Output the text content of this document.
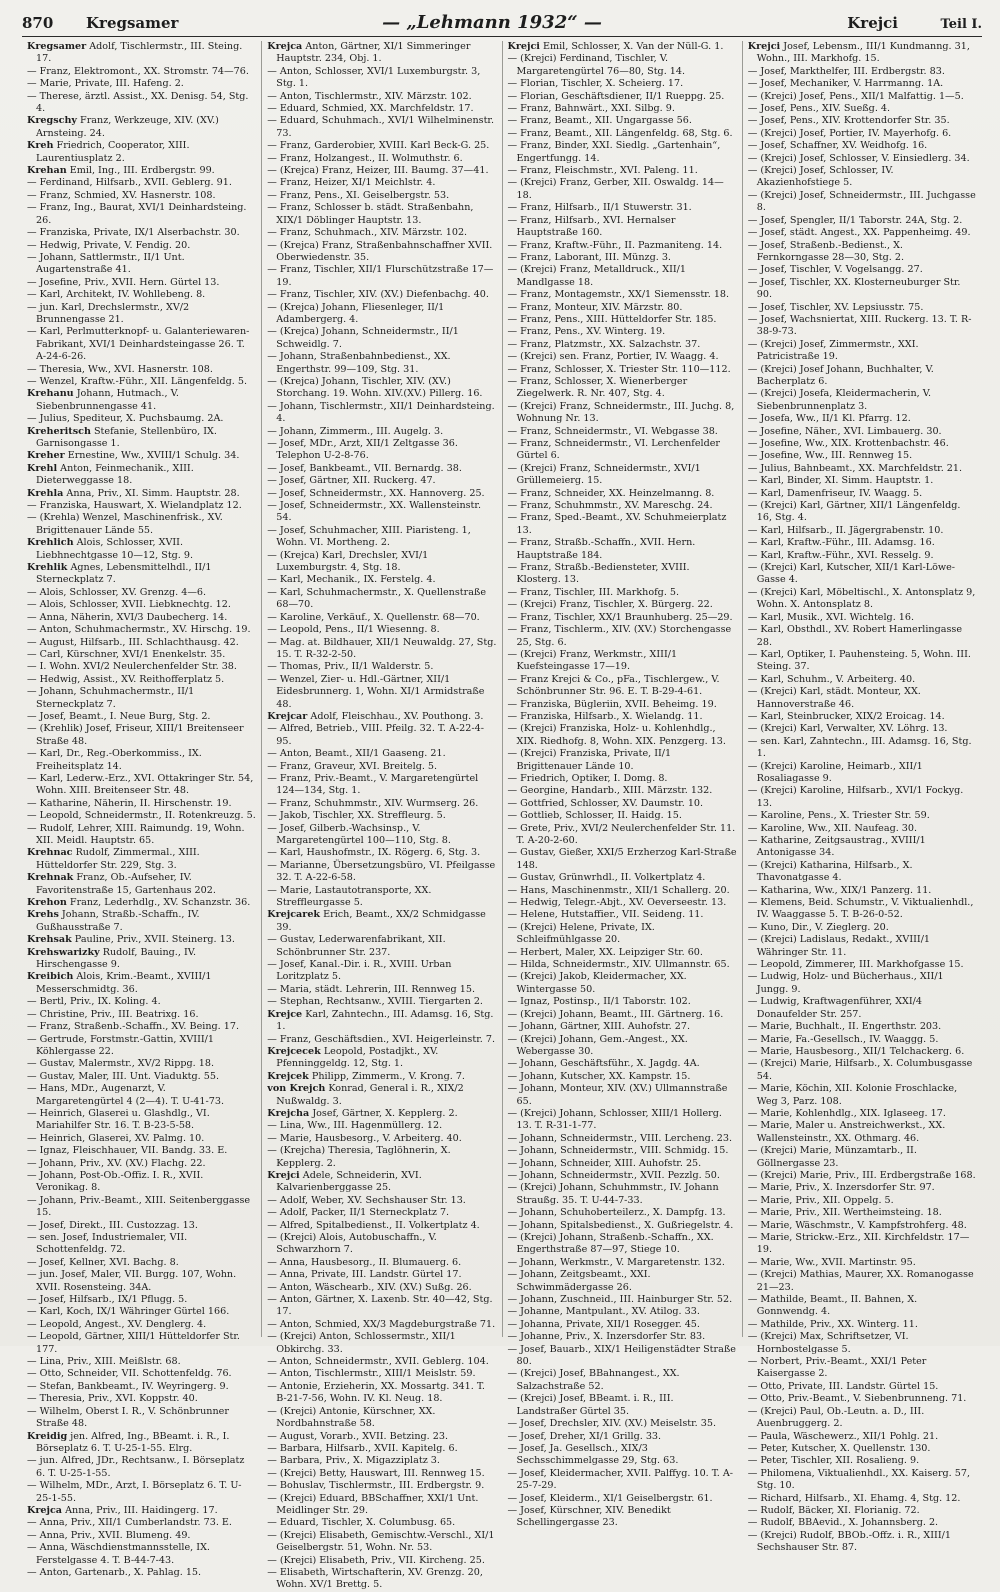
870	Kregsamer	— „Lehmann 1932“ —	Krejci	Teil I.
Kregsamer Adolf, Tischlermstr., III. Steing. 17.
— Franz, Elektromont., XX. Stromstr. 74—76.
— Marie, Private, III. Hafeng. 2.
— Therese, ärztl. Assist., XX. Denisg. 54, Stg. 4.
Kregschy Franz, Werkzeuge, XIV. (XV.) Arnsteing. 24.
Kreh Friedrich, Cooperator, XIII. Laurentiusplatz 2.
Krehan Emil, Ing., III. Erdbergstr. 99.
— Ferdinand, Hilfsarb., XVII. Geblerg. 91.
— Franz, Schmied, XV. Hasnerstr. 108.
— Franz, Ing., Baurat, XVI/1 Deinhardsteing. 26.
— Franziska, Private, IX/1 Alserbachstr. 30.
— Hedwig, Private, V. Fendig. 20.
— Johann, Sattlermstr., II/1 Unt. Augartenstraße 41.
— Josefine, Priv., XVII. Hern. Gürtel 13.
— Karl, Architekt, IV. Wohllebeng. 8.
— jun. Karl, Drechslermstr., XV/2 Brunnengasse 21.
— Karl, Perlmutterknopf- u. Galanteriewaren-Fabrikant, XVI/1 Deinhardsteingasse 26. T. A-24-6-26.
— Theresia, Ww., XVI. Hasnerstr. 108.
— Wenzel, Kraftw.-Führ., XII. Längenfeldg. 5.
Krehanu Johann, Hutmach., V. Siebenbrunnengasse 41.
— Julius, Spediteur, X. Puchsbaumg. 2A.
Kreheritsch Stefanie, Stellenbüro, IX. Garnisongasse 1.
Kreher Ernestine, Ww., XVIII/1 Schulg. 34.
Krehl Anton, Feinmechanik., XIII. Dieterweggasse 18.
Krehla Anna, Priv., XI. Simm. Hauptstr. 28.
— Franziska, Hauswart, X. Wielandplatz 12.
— (Krehla) Wenzel, Maschinenfrisk., XV. Brigittenauer Lände 55.
Krehlich Alois, Schlosser, XVII. Liebhnechtgasse 10—12, Stg. 9.
Krehlik Agnes, Lebensmittelhdl., II/1 Sterneckplatz 7.
— Alois, Schlosser, XV. Grenzg. 4—6.
— Alois, Schlosser, XVII. Liebknechtg. 12.
— Anna, Näherin, XVI/3 Daubecherg. 14.
— Anton, Schuhmachermstr., XV. Hirschg. 19.
— August, Hilfsarb., III. Schlachthausg. 42.
— Carl, Kürschner, XVI/1 Enenkelstr. 35.
— I. Wohn. XVI/2 Neulerchenfelder Str. 38.
— Hedwig, Assist., XV. Reithofferplatz 5.
— Johann, Schuhmachermstr., II/1 Sterneckplatz 7.
— Josef, Beamt., I. Neue Burg, Stg. 2.
— (Krehlik) Josef, Friseur, XIII/1 Breitenseer Straße 48.
— Karl, Dr., Reg.-Oberkommiss., IX. Freiheitsplatz 14.
— Karl, Lederw.-Erz., XVI. Ottakringer Str. 54, Wohn. XIII. Breitenseer Str. 48.
— Katharine, Näherin, II. Hirschenstr. 19.
— Leopold, Schneidermstr., II. Rotenkreuzg. 5.
— Rudolf, Lehrer, XIII. Raimundg. 19, Wohn. XII. Meidl. Hauptstr. 65.
Krehnac Rudolf, Zimmermal., XIII. Hütteldorfer Str. 229, Stg. 3.
Krehnak Franz, Ob.-Aufseher, IV. Favoritenstraße 15, Gartenhaus 202.
Krehon Franz, Lederhdlg., XV. Schanzstr. 36.
Krehs Johann, Straßb.-Schaffn., IV. Gußhausstraße 7.
Krehsak Pauline, Priv., XVII. Steinerg. 13.
Krehswarizky Rudolf, Bauing., IV. Hirschengasse 9.
Kreibich Alois, Krim.-Beamt., XVIII/1 Messerschmidtg. 36.
— Bertl, Priv., IX. Koling. 4.
— Christine, Priv., III. Beatrixg. 16.
— Franz, Straßenb.-Schaffn., XV. Being. 17.
— Gertrude, Forstmstr.-Gattin, XVIII/1 Köhlergasse 22.
— Gustav, Malermstr., XV/2 Rippg. 18.
— Gustav, Maler, III. Unt. Viaduktg. 55.
— Hans, MDr., Augenarzt, V. Margaretengürtel 4 (2—4). T. U-41-73.
— Heinrich, Glaserei u. Glashdlg., VI. Mariahilfer Str. 16. T. B-23-5-58.
— Heinrich, Glaserei, XV. Palmg. 10.
— Ignaz, Fleischhauer, VII. Bandg. 33. E.
— Johann, Priv., XV. (XV.) Flachg. 22.
— Johann, Post-Ob.-Offiz. I. R., XVII. Veronikag. 8.
— Johann, Priv.-Beamt., XIII. Seitenberggasse 15.
— Josef, Direkt., III. Custozzag. 13.
— sen. Josef, Industriemaler, VII. Schottenfeldg. 72.
— Josef, Kellner, XVI. Bachg. 8.
— jun. Josef, Maler, VII. Burgg. 107, Wohn. XVII. Rosensteing. 34A.
— Josef, Hilfsarb., IX/1 Pflugg. 5.
— Karl, Koch, IX/1 Währinger Gürtel 166.
— Leopold, Angest., XV. Denglerg. 4.
— Leopold, Gärtner, XIII/1 Hütteldorfer Str. 177.
— Lina, Priv., XIII. Meißlstr. 68.
— Otto, Schneider, VII. Schottenfeldg. 76.
— Stefan, Bankbeamt., IV. Weyringerg. 9.
— Theresia, Priv., XVI. Koppstr. 40.
— Wilhelm, Oberst I. R., V. Schönbrunner Straße 48.
Kreidig jen. Alfred, Ing., BBeamt. i. R., I. Börseplatz 6. T. U-25-1-55. Elrg.
— jun. Alfred, JDr., Rechtsanw., I. Börseplatz 6. T. U-25-1-55.
— Wilhelm, MDr., Arzt, I. Börseplatz 6. T. U-25-1-55.
Krejca Anna, Priv., III. Haidingerg. 17.
— Anna, Priv., XII/1 Cumberlandstr. 73. E.
— Anna, Priv., XVII. Blumeng. 49.
— Anna, Wäschdienstmannsstelle, IX. Ferstelgasse 4. T. B-44-7-43.
— Anton, Gartenarb., X. Pahlag. 15.
Krejca Anton, Gärtner, XI/1 Simmeringer Hauptstr. 234, Obj. 1.
— Anton, Schlosser, XVI/1 Luxemburgstr. 3, Stg. 1.
— Anton, Tischlermstr., XIV. Märzstr. 102.
— Eduard, Schmied, XX. Marchfeldstr. 17.
— Eduard, Schuhmach., XVI/1 Wilhelminenstr. 73.
— Franz, Garderobier, XVIII. Karl Beck-G. 25.
— Franz, Holzangest., II. Wolmuthstr. 6.
— (Krejca) Franz, Heizer, III. Baumg. 37—41.
— Franz, Heizer, XI/1 Meichlstr. 4.
— Franz, Pens., XI. Geiselbergstr. 53.
— Franz, Schlosser b. städt. Straßenbahn, XIX/1 Döblinger Hauptstr. 13.
— Franz, Schuhmach., XIV. Märzstr. 102.
— (Krejca) Franz, Straßenbahnschaffner XVII. Oberwiedenstr. 35.
— Franz, Tischler, XII/1 Flurschützstraße 17—19.
— Franz, Tischler, XIV. (XV.) Diefenbachg. 40.
— (Krejca) Johann, Fliesenleger, II/1 Adambergerg. 4.
— (Krejca) Johann, Schneidermstr., II/1 Schweidlg. 7.
— Johann, Straßenbahnbedienst., XX. Engerthstr. 99—109, Stg. 31.
— (Krejca) Johann, Tischler, XIV. (XV.) Storchang. 19. Wohn. XIV.(XV.) Pillerg. 16.
— Johann, Tischlermstr., XII/1 Deinhardsteing. 4.
— Johann, Zimmerm., III. Augelg. 3.
— Josef, MDr., Arzt, XII/1 Zeltgasse 36. Telephon U-2-8-76.
— Josef, Bankbeamt., VII. Bernardg. 38.
— Josef, Gärtner, XII. Ruckerg. 47.
— Josef, Schneidermstr., XX. Hannoverg. 25.
— Josef, Schneidermstr., XX. Wallensteinstr. 54.
— Josef, Schuhmacher, XIII. Piaristeng. 1, Wohn. VI. Mortheng. 2.
— (Krejca) Karl, Drechsler, XVI/1 Luxemburgstr. 4, Stg. 18.
— Karl, Mechanik., IX. Ferstelg. 4.
— Karl, Schuhmachermstr., X. Quellenstraße 68—70.
— Karoline, Verkäuf., X. Quellenstr. 68—70.
— Leopold, Pens., II/1 Wiesenng. 8.
— Mag. at. Bildhauer, XII/1 Neuwaldg. 27, Stg. 15. T. R-32-2-50.
— Thomas, Priv., II/1 Walderstr. 5.
— Wenzel, Zier- u. Hdl.-Gärtner, XII/1 Eidesbrunnerg. 1, Wohn. XI/1 Armidstraße 48.
Krejcar Adolf, Fleischhau., XV. Pouthong. 3.
— Alfred, Betrieb., VIII. Pfeilg. 32. T. A-22-4-95.
— Anton, Beamt., XII/1 Gaaseng. 21.
— Franz, Graveur, XVI. Breitelg. 5.
— Franz, Priv.-Beamt., V. Margaretengürtel 124—134, Stg. 1.
— Franz, Schuhmmstr., XIV. Wurmserg. 26.
— Jakob, Tischler, XX. Streffleurg. 5.
— Josef, Gilberb.-Wachsinsp., V. Margaretengürtel 100—110, Stg. 8.
— Karl, Haushofmstr., IX. Rögerg. 6, Stg. 3.
— Marianne, Übersetzungsbüro, VI. Pfeilgasse 32. T. A-22-6-58.
— Marie, Lastautotransporte, XX. Streffleurgasse 5.
Krejcarek Erich, Beamt., XX/2 Schmidgasse 39.
— Gustav, Lederwarenfabrikant, XII. Schönbrunner Str. 237.
— Josef, Kanal.-Dir. i. R., XVIII. Urban Loritzplatz 5.
— Maria, städt. Lehrerin, III. Rennweg 15.
— Stephan, Rechtsanw., XVIII. Tiergarten 2.
Krejce Karl, Zahntechn., III. Adamsg. 16, Stg. 1.
— Franz, Geschäftsdien., XVI. Heigerleinstr. 7.
Krejcecek Leopold, Postadjkt., XV. Pfenninggeldg. 12, Stg. 1.
Krejcek Philipp, Zimmerm., V. Krong. 7.
von Krejch Konrad, General i. R., XIX/2 Nußwaldg. 3.
Krejcha Josef, Gärtner, X. Kepplerg. 2.
— Lina, Ww., III. Hagenmüllerg. 12.
— Marie, Hausbesorg., V. Arbeiterg. 40.
— (Krejcha) Theresia, Taglöhnerin, X. Kepplerg. 2.
Krejci Adele, Schneiderin, XVI. Kalvarienberggasse 25.
— Adolf, Weber, XV. Sechshauser Str. 13.
— Adolf, Packer, II/1 Sterneckplatz 7.
— Alfred, Spitalbedienst., II. Volkertplatz 4.
— (Krejci) Alois, Autobuschaffn., V. Schwarzhorn 7.
— Anna, Hausbesorg., II. Blumauerg. 6.
— Anna, Private, III. Landstr. Gürtel 17.
— Anton, Wäschearb., XIV. (XV.) Sußg. 26.
— Anton, Gärtner, X. Laxenb. Str. 40—42, Stg. 17.
— Anton, Schmied, XX/3 Magdeburgstraße 71.
— (Krejci) Anton, Schlossermstr., XII/1 Obkirchg. 33.
— Anton, Schneidermstr., XVII. Geblerg. 104.
— Anton, Tischlermstr., XIII/1 Meislstr. 59.
— Antonie, Erzieherin, XX. Mossartg. 341. T. B-21-7-56, Wohn. IV. Kl. Neug. 18.
— (Krejci) Antonie, Kürschner, XX. Nordbahnstraße 58.
— August, Vorarb., XVII. Betzing. 23.
— Barbara, Hilfsarb., XVII. Kapitelg. 6.
— Barbara, Priv., X. Migazziplatz 3.
— (Krejci) Betty, Hauswart, III. Rennweg 15.
— Bohuslav, Tischlermstr., III. Erdbergstr. 9.
— (Krejci) Eduard, BBSchaffner, XXI/1 Unt. Meidlinger Str. 29.
— Eduard, Tischler, X. Columbusg. 65.
— (Krejci) Elisabeth, Gemischtw.-Verschl., XI/1 Geiselbergstr. 51, Wohn. Nr. 53.
— (Krejci) Elisabeth, Priv., VII. Kircheng. 25.
— Elisabeth, Wirtschafterin, XV. Grenzg. 20, Wohn. XV/1 Brettg. 5.
Krejci Emil, Schlosser, X. Van der Nüll-G. 1.
— (Krejci) Ferdinand, Tischler, V. Margaretengürtel 76—80, Stg. 14.
— Florian, Tischler, X. Scheierg. 17.
— Florian, Geschäftsdiener, II/1 Rueppg. 25.
— Franz, Bahnwärt., XXI. Silbg. 9.
— Franz, Beamt., XII. Ungargasse 56.
— Franz, Beamt., XII. Längenfeldg. 68, Stg. 6.
— Franz, Binder, XXI. Siedlg. „Gartenhain“, Engertfungg. 14.
— Franz, Fleischmstr., XVI. Paleng. 11.
— (Krejci) Franz, Gerber, XII. Oswaldg. 14—18.
— Franz, Hilfsarb., II/1 Stuwerstr. 31.
— Franz, Hilfsarb., XVI. Hernalser Hauptstraße 160.
— Franz, Kraftw.-Führ., II. Pazmaniteng. 14.
— Franz, Laborant, III. Münzg. 3.
— (Krejci) Franz, Metalldruck., XII/1 Mandlgasse 18.
— Franz, Montagemstr., XX/1 Siemensstr. 18.
— Franz, Monteur, XIV. Märzstr. 80.
— Franz, Pens., XIII. Hütteldorfer Str. 185.
— Franz, Pens., XV. Winterg. 19.
— Franz, Platzmstr., XX. Salzachstr. 37.
— (Krejci) sen. Franz, Portier, IV. Waagg. 4.
— Franz, Schlosser, X. Triester Str. 110—112.
— Franz, Schlosser, X. Wienerberger Ziegelwerk. R. Nr. 407, Stg. 4.
— (Krejci) Franz, Schneidermstr., III. Juchg. 8, Wohnung Nr. 13.
— Franz, Schneidermstr., VI. Webgasse 38.
— Franz, Schneidermstr., VI. Lerchenfelder Gürtel 6.
— (Krejci) Franz, Schneidermstr., XVI/1 Grüllemeierg. 15.
— Franz, Schneider, XX. Heinzelmanng. 8.
— Franz, Schuhmmstr., XV. Mareschg. 24.
— Franz, Sped.-Beamt., XV. Schuhmeierplatz 13.
— Franz, Straßb.-Schaffn., XVII. Hern. Hauptstraße 184.
— Franz, Straßb.-Bediensteter, XVIII. Klosterg. 13.
— Franz, Tischler, III. Markhofg. 5.
— (Krejci) Franz, Tischler, X. Bürgerg. 22.
— Franz, Tischler, XX/1 Braunhuberg. 25—29.
— Franz, Tischlerm., XIV. (XV.) Storchengasse 25, Stg. 6.
— (Krejci) Franz, Werkmstr., XIII/1 Kuefsteingasse 17—19.
— Franz Krejci & Co., pFa., Tischlergew., V. Schönbrunner Str. 96. E. T. B-29-4-61.
— Franziska, Bügleriin, XVII. Beheimg. 19.
— Franziska, Hilfsarb., X. Wielandg. 11.
— (Krejci) Franziska, Holz- u. Kohlenhdlg., XIX. Riedhofg. 8, Wohn. XIX. Penzgerg. 13.
— (Krejci) Franziska, Private, II/1 Brigittenauer Lände 10.
— Friedrich, Optiker, I. Domg. 8.
— Georgine, Handarb., XIII. Märzstr. 132.
— Gottfried, Schlosser, XV. Daumstr. 10.
— Gottlieb, Schlosser, II. Haidg. 15.
— Grete, Priv., XVI/2 Neulerchenfelder Str. 11. T. A-20-2-60.
— Gustav, Gießer, XXI/5 Erzherzog Karl-Straße 148.
— Gustav, Grünwrhdl., II. Volkertplatz 4.
— Hans, Maschinenmstr., XII/1 Schallerg. 20.
— Hedwig, Telegr.-Abjt., XV. Oeverseestr. 13.
— Helene, Hutstaffier., VII. Seideng. 11.
— (Krejci) Helene, Private, IX. Schleifmühlgasse 20.
— Herbert, Maler, XX. Leipziger Str. 60.
— Hilda, Schneidermstr., XIV. Ullmannstr. 65.
— (Krejci) Jakob, Kleidermacher, XX. Wintergasse 50.
— Ignaz, Postinsp., II/1 Taborstr. 102.
— (Krejci) Johann, Beamt., III. Gärtnerg. 16.
— Johann, Gärtner, XIII. Auhofstr. 27.
— (Krejci) Johann, Gem.-Angest., XX. Webergasse 30.
— Johann, Geschäftsführ., X. Jagdg. 4A.
— Johann, Kutscher, XX. Kampstr. 15.
— Johann, Monteur, XIV. (XV.) Ullmannstraße 65.
— (Krejci) Johann, Schlosser, XIII/1 Hollerg. 13. T. R-31-1-77.
— Johann, Schneidermstr., VIII. Lercheng. 23.
— Johann, Schneidermstr., VIII. Schmidg. 15.
— Johann, Schneider, XIII. Auhofstr. 25.
— Johann, Schneidermstr., XVII. Pezzlg. 50.
— (Krejci) Johann, Schuhmmstr., IV. Johann Straußg. 35. T. U-44-7-33.
— Johann, Schuhoberteilerz., X. Dampfg. 13.
— Johann, Spitalsbedienst., X. Gußriegelstr. 4.
— (Krejci) Johann, Straßenb.-Schaffn., XX. Engerthstraße 87—97, Stiege 10.
— Johann, Werkmstr., V. Margaretenstr. 132.
— Johann, Zeitgsbeamt., XXI. Schwimmädergasse 26.
— Johann, Zuschneid., III. Hainburger Str. 52.
— Johanne, Mantpulant., XV. Atilog. 33.
— Johanna, Private, XII/1 Rosegger. 45.
— Johanne, Priv., X. Inzersdorfer Str. 83.
— Josef, Bauarb., XIX/1 Heiligenstädter Straße 80.
— (Krejci) Josef, BBahnangest., XX. Salzachstraße 52.
— (Krejci) Josef, BBeamt. i. R., III. Landstraßer Gürtel 35.
— Josef, Drechsler, XIV. (XV.) Meiselstr. 35.
— Josef, Dreher, XI/1 Grillg. 33.
— Josef, Ja. Gesellsch., XIX/3 Sechsschimmelgasse 29, Stg. 63.
— Josef, Kleidermacher, XVII. Palffyg. 10. T. A-25-7-29.
— Josef, Kleiderm., XI/1 Geiselbergstr. 61.
— Josef, Kürschner, XIV. Benedikt Schellingergasse 23.
Krejci Josef, Lebensm., III/1 Kundmanng. 31, Wohn., III. Markhofg. 15.
— Josef, Markthelfer, III. Erdbergstr. 83.
— Josef, Mechaniker, V. Harrmanng. 1A.
— (Krejci) Josef, Pens., XII/1 Malfattig. 1—5.
— Josef, Pens., XIV. Sueßg. 4.
— Josef, Pens., XIV. Krottendorfer Str. 35.
— (Krejci) Josef, Portier, IV. Mayerhofg. 6.
— Josef, Schaffner, XV. Weidhofg. 16.
— (Krejci) Josef, Schlosser, V. Einsiedlerg. 34.
— (Krejci) Josef, Schlosser, IV. Akazienhofstiege 5.
— (Krejci) Josef, Schneidermstr., III. Juchgasse 8.
— Josef, Spengler, II/1 Taborstr. 24A, Stg. 2.
— Josef, städt. Angest., XX. Pappenheimg. 49.
— Josef, Straßenb.-Bedienst., X. Fernkorngasse 28—30, Stg. 2.
— Josef, Tischler, V. Vogelsangg. 27.
— Josef, Tischler, XX. Klosterneuburger Str. 90.
— Josef, Tischler, XV. Lepsiusstr. 75.
— Josef, Wachsniertat, XIII. Ruckerg. 13. T. R-38-9-73.
— (Krejci) Josef, Zimmermstr., XXI. Patricistraße 19.
— (Krejci) Josef Johann, Buchhalter, V. Bacherplatz 6.
— (Krejci) Josefa, Kleidermacherin, V. Siebenbrunnenplatz 3.
— Josefa, Ww., II/1 Kl. Pfarrg. 12.
— Josefine, Näher., XVI. Limbauerg. 30.
— Josefine, Ww., XIX. Krottenbachstr. 46.
— Josefine, Ww., III. Rennweg 15.
— Julius, Bahnbeamt., XX. Marchfeldstr. 21.
— Karl, Binder, XI. Simm. Hauptstr. 1.
— Karl, Damenfriseur, IV. Waagg. 5.
— (Krejci) Karl, Gärtner, XII/1 Längenfeldg. 16, Stg. 4.
— Karl, Hilfsarb., II. Jägergrabenstr. 10.
— Karl, Kraftw.-Führ., III. Adamsg. 16.
— Karl, Kraftw.-Führ., XVI. Resselg. 9.
— (Krejci) Karl, Kutscher, XII/1 Karl-Löwe-Gasse 4.
— (Krejci) Karl, Möbeltischl., X. Antonsplatz 9, Wohn. X. Antonsplatz 8.
— Karl, Musik., XVI. Wichtelg. 16.
— Karl, Obsthdl., XV. Robert Hamerlingasse 28.
— Karl, Optiker, I. Pauhensteing. 5, Wohn. III. Steing. 37.
— Karl, Schuhm., V. Arbeiterg. 40.
— (Krejci) Karl, städt. Monteur, XX. Hannoverstraße 46.
— Karl, Steinbrucker, XIX/2 Eroicag. 14.
— (Krejci) Karl, Verwalter, XV. Löhrg. 13.
— sen. Karl, Zahntechn., III. Adamsg. 16, Stg. 1.
— (Krejci) Karoline, Heimarb., XII/1 Rosaliagasse 9.
— (Krejci) Karoline, Hilfsarb., XVI/1 Fockyg. 13.
— Karoline, Pens., X. Triester Str. 59.
— Karoline, Ww., XII. Naufeag. 30.
— Katharine, Zeitgsaustrag., XVIII/1 Antonigasse 34.
— (Krejci) Katharina, Hilfsarb., X. Thavonatgasse 4.
— Katharina, Ww., XIX/1 Panzerg. 11.
— Klemens, Beid. Schumstr., V. Viktualienhdl., IV. Waaggasse 5. T. B-26-0-52.
— Kuno, Dir., V. Zieglerg. 20.
— (Krejci) Ladislaus, Redakt., XVIII/1 Währinger Str. 11.
— Leopold, Zimmerer, III. Markhofgasse 15.
— Ludwig, Holz- und Bücherhaus., XII/1 Jungg. 9.
— Ludwig, Kraftwagenführer, XXI/4 Donaufelder Str. 257.
— Marie, Buchhalt., II. Engerthstr. 203.
— Marie, Fa.-Gesellsch., IV. Waaggg. 5.
— Marie, Hausbesorg., XII/1 Telchackerg. 6.
— (Krejci) Marie, Hilfsarb., X. Columbusgasse 54.
— Marie, Köchin, XII. Kolonie Froschlacke, Weg 3, Parz. 108.
— Marie, Kohlenhdlg., XIX. Iglaseeg. 17.
— Marie, Maler u. Anstreichwerkst., XX. Wallensteinstr., XX. Othmarg. 46.
— (Krejci) Marie, Münzamtarb., II. Göllnergasse 23.
— (Krejci) Marie, Priv., III. Erdbergstraße 168.
— Marie, Priv., X. Inzersdorfer Str. 97.
— Marie, Priv., XII. Oppelg. 5.
— Marie, Priv., XII. Wertheimsteing. 18.
— Marie, Wäschmstr., V. Kampfstrohferg. 48.
— Marie, Strickw.-Erz., XII. Kirchfeldstr. 17—19.
— Marie, Ww., XVII. Martinstr. 95.
— (Krejci) Mathias, Maurer, XX. Romanogasse 21—23.
— Mathilde, Beamt., II. Bahnen, X. Gonnwendg. 4.
— Mathilde, Priv., XX. Winterg. 11.
— (Krejci) Max, Schriftsetzer, VI. Hornbostelgasse 5.
— Norbert, Priv.-Beamt., XXI/1 Peter Kaisergasse 2.
— Otto, Private, III. Landstr. Gürtel 15.
— Otto, Priv.-Beamt., V. Siebenbrunneng. 71.
— (Krejci) Paul, Ob.-Leutn. a. D., III. Auenbruggerg. 2.
— Paula, Wäschewerz., XII/1 Pohlg. 21.
— Peter, Kutscher, X. Quellenstr. 130.
— Peter, Tischler, XII. Rosalieng. 9.
— Philomena, Viktualienhdl., XX. Kaiserg. 57, Stg. 10.
— Richard, Hilfsarb., XI. Ehamg. 4, Stg. 12.
— Rudolf, Bäcker, XI. Florianig. 72.
— Rudolf, BBAevid., X. Johannsberg. 2.
— (Krejci) Rudolf, BBOb.-Offz. i. R., XIII/1 Sechshauser Str. 87.
